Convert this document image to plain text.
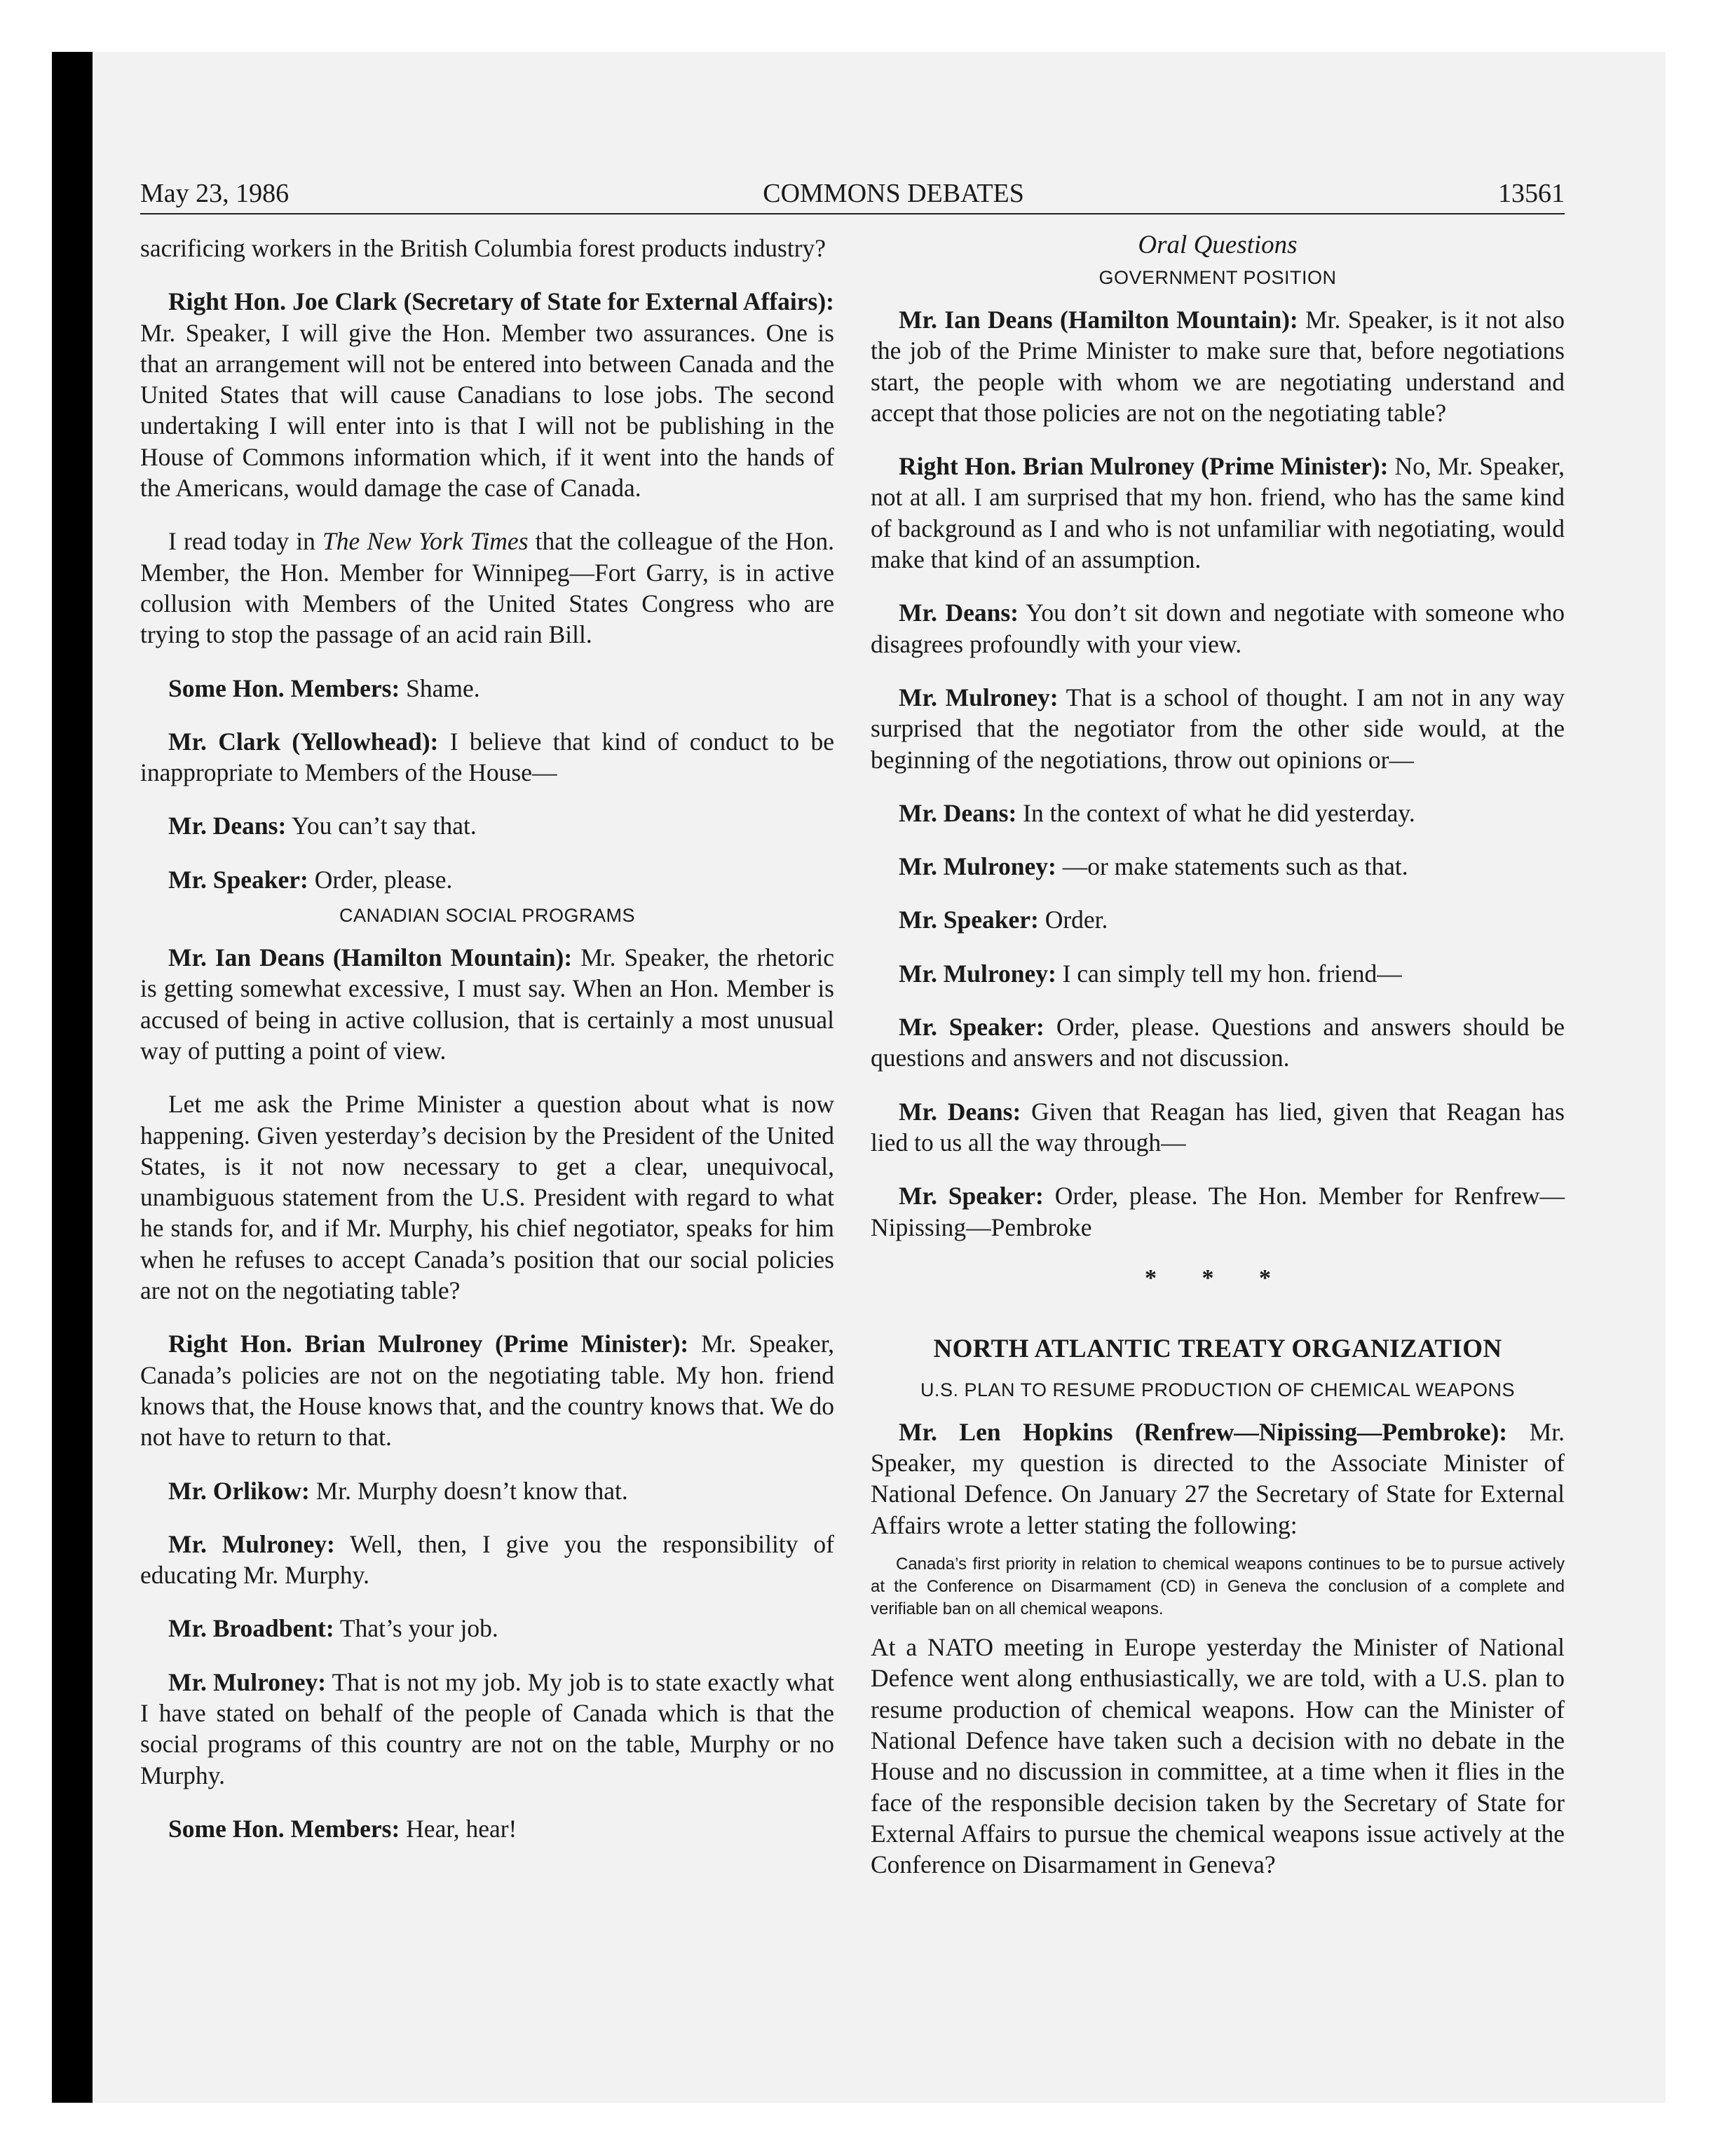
May 23, 1986	COMMONS DEBATES	13561

sacrificing workers in the British Columbia forest products industry?

Right Hon. Joe Clark (Secretary of State for External Affairs): Mr. Speaker, I will give the Hon. Member two assurances. One is that an arrangement will not be entered into between Canada and the United States that will cause Canadians to lose jobs. The second undertaking I will enter into is that I will not be publishing in the House of Commons information which, if it went into the hands of the Americans, would damage the case of Canada.

I read today in The New York Times that the colleague of the Hon. Member, the Hon. Member for Winnipeg—Fort Garry, is in active collusion with Members of the United States Congress who are trying to stop the passage of an acid rain Bill.

Some Hon. Members: Shame.

Mr. Clark (Yellowhead): I believe that kind of conduct to be inappropriate to Members of the House—

Mr. Deans: You can’t say that.

Mr. Speaker: Order, please.

CANADIAN SOCIAL PROGRAMS

Mr. Ian Deans (Hamilton Mountain): Mr. Speaker, the rhetoric is getting somewhat excessive, I must say. When an Hon. Member is accused of being in active collusion, that is certainly a most unusual way of putting a point of view.

Let me ask the Prime Minister a question about what is now happening. Given yesterday’s decision by the President of the United States, is it not now necessary to get a clear, unequivocal, unambiguous statement from the U.S. President with regard to what he stands for, and if Mr. Murphy, his chief negotiator, speaks for him when he refuses to accept Canada’s position that our social policies are not on the negotiating table?

Right Hon. Brian Mulroney (Prime Minister): Mr. Speaker, Canada’s policies are not on the negotiating table. My hon. friend knows that, the House knows that, and the country knows that. We do not have to return to that.

Mr. Orlikow: Mr. Murphy doesn’t know that.

Mr. Mulroney: Well, then, I give you the responsibility of educating Mr. Murphy.

Mr. Broadbent: That’s your job.

Mr. Mulroney: That is not my job. My job is to state exactly what I have stated on behalf of the people of Canada which is that the social programs of this country are not on the table, Murphy or no Murphy.

Some Hon. Members: Hear, hear!

Oral Questions
GOVERNMENT POSITION

Mr. Ian Deans (Hamilton Mountain): Mr. Speaker, is it not also the job of the Prime Minister to make sure that, before negotiations start, the people with whom we are negotiating understand and accept that those policies are not on the negotiating table?

Right Hon. Brian Mulroney (Prime Minister): No, Mr. Speaker, not at all. I am surprised that my hon. friend, who has the same kind of background as I and who is not unfamiliar with negotiating, would make that kind of an assumption.

Mr. Deans: You don’t sit down and negotiate with someone who disagrees profoundly with your view.

Mr. Mulroney: That is a school of thought. I am not in any way surprised that the negotiator from the other side would, at the beginning of the negotiations, throw out opinions or—

Mr. Deans: In the context of what he did yesterday.

Mr. Mulroney: —or make statements such as that.

Mr. Speaker: Order.

Mr. Mulroney: I can simply tell my hon. friend—

Mr. Speaker: Order, please. Questions and answers should be questions and answers and not discussion.

Mr. Deans: Given that Reagan has lied, given that Reagan has lied to us all the way through—

Mr. Speaker: Order, please. The Hon. Member for Renfrew—Nipissing—Pembroke

* * *
NORTH ATLANTIC TREATY ORGANIZATION
U.S. PLAN TO RESUME PRODUCTION OF CHEMICAL WEAPONS

Mr. Len Hopkins (Renfrew—Nipissing—Pembroke): Mr. Speaker, my question is directed to the Associate Minister of National Defence. On January 27 the Secretary of State for External Affairs wrote a letter stating the following:

Canada’s first priority in relation to chemical weapons continues to be to pursue actively at the Conference on Disarmament (CD) in Geneva the conclusion of a complete and verifiable ban on all chemical weapons.

At a NATO meeting in Europe yesterday the Minister of National Defence went along enthusiastically, we are told, with a U.S. plan to resume production of chemical weapons. How can the Minister of National Defence have taken such a decision with no debate in the House and no discussion in committee, at a time when it flies in the face of the responsible decision taken by the Secretary of State for External Affairs to pursue the chemical weapons issue actively at the Conference on Disarmament in Geneva?
